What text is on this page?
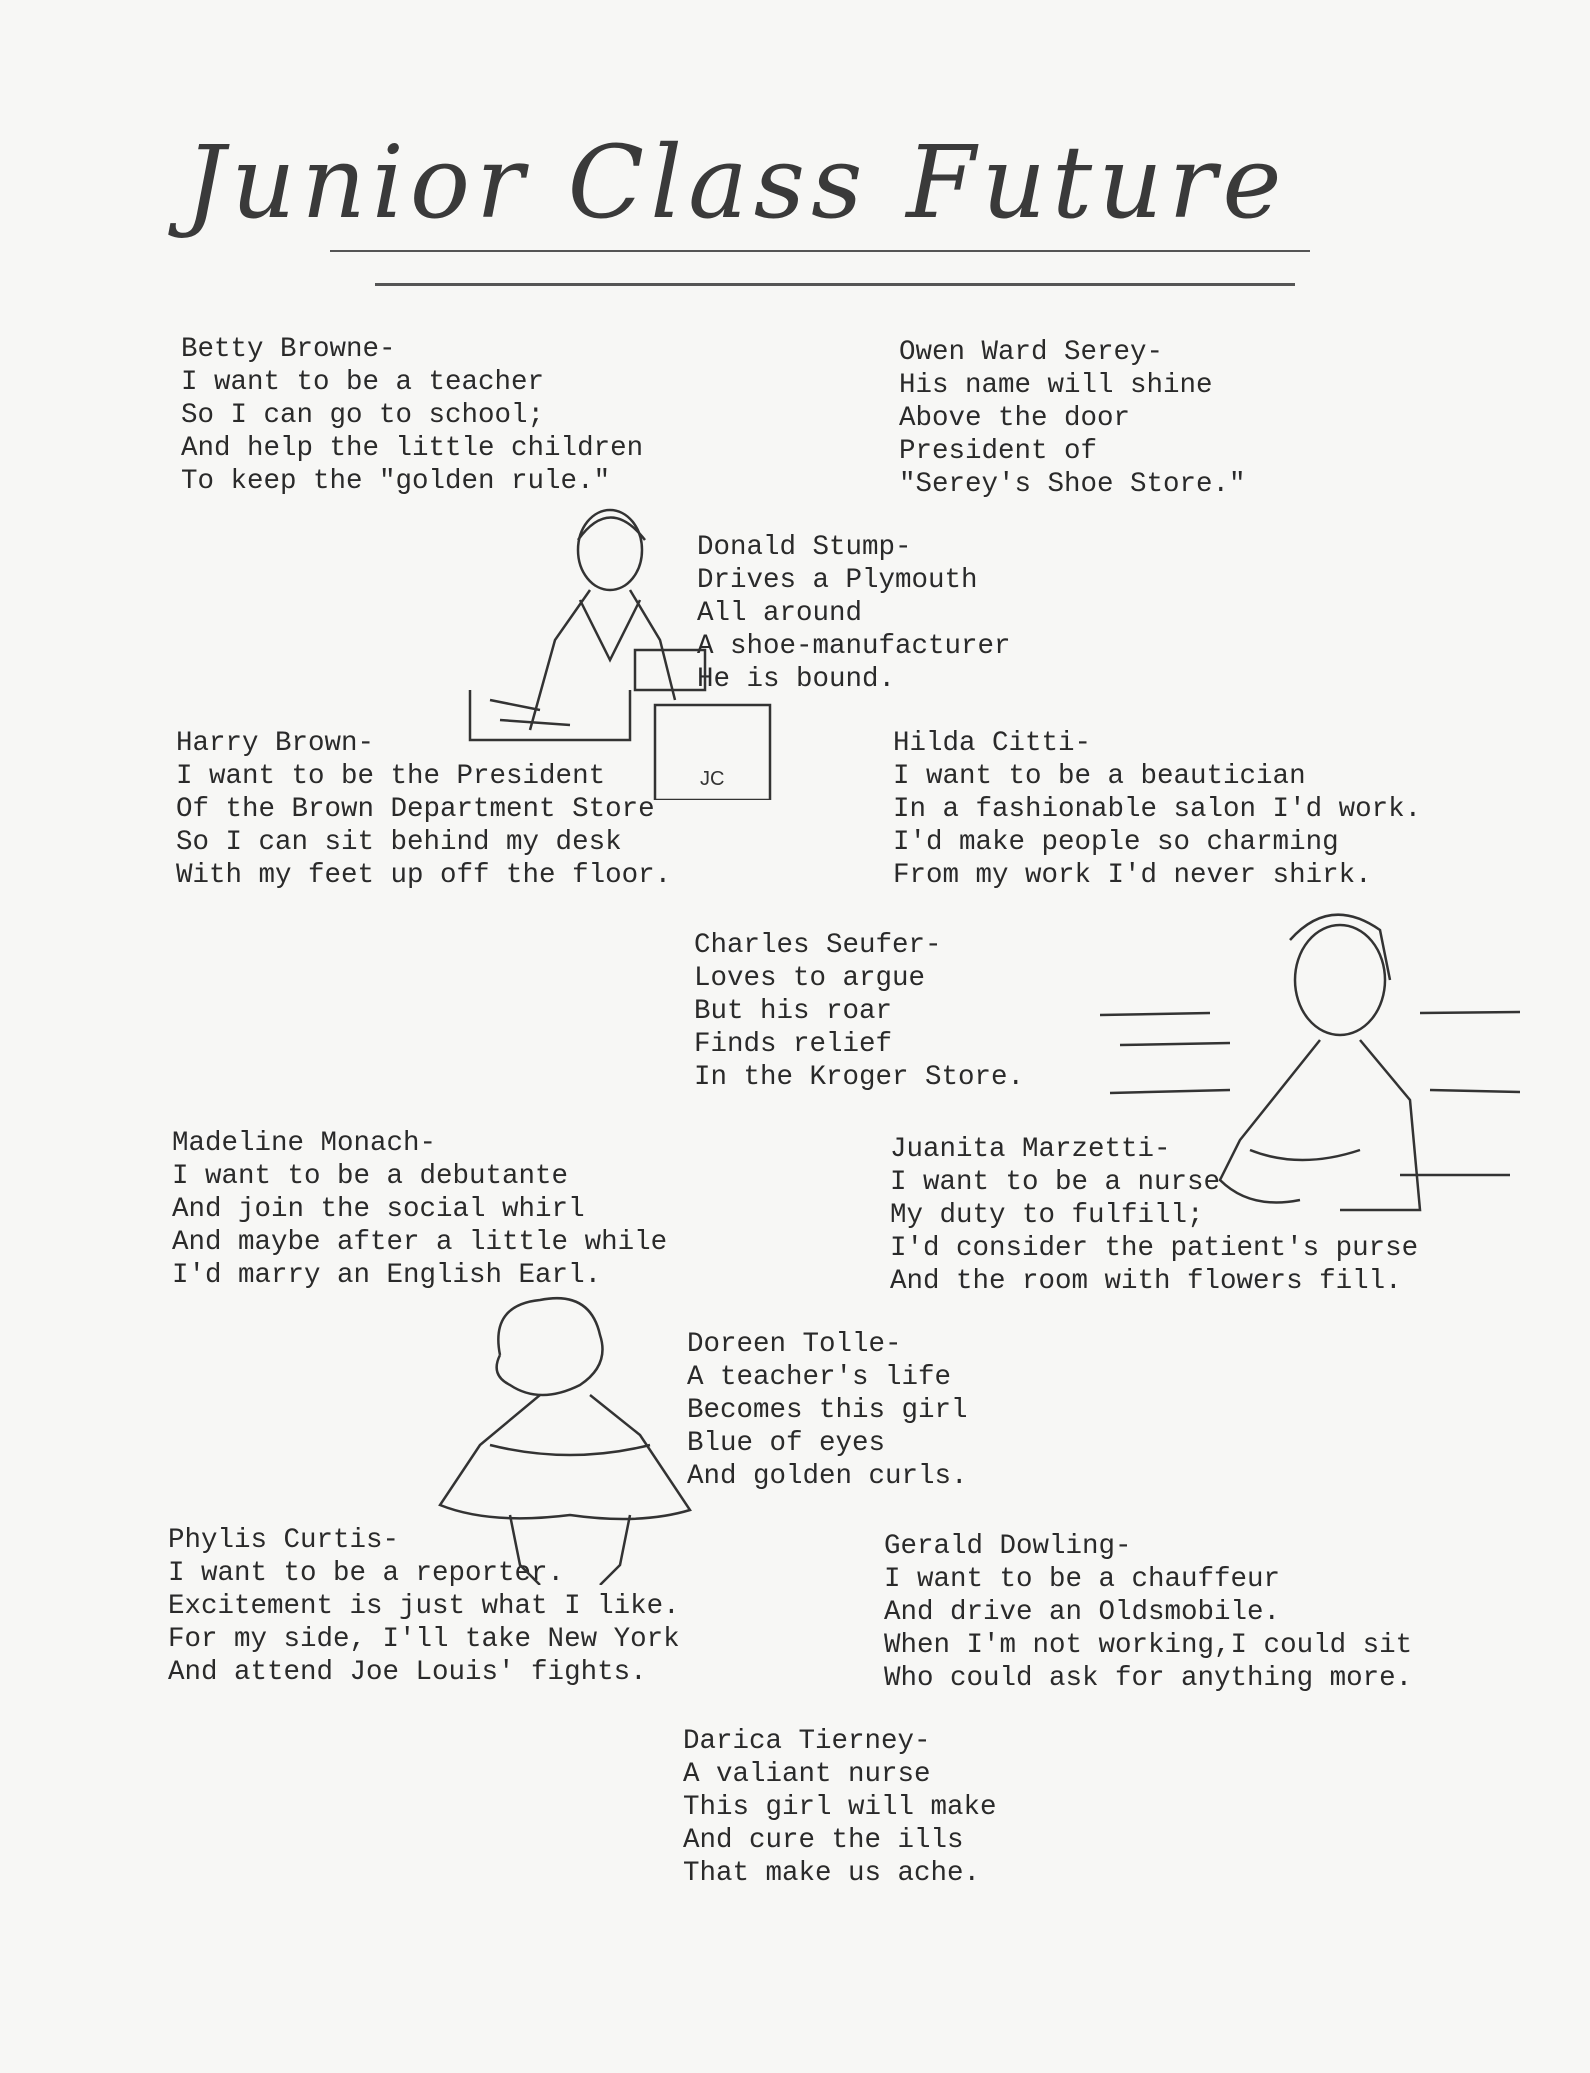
Junior Class Future
Betty Browne-
I want to be a teacher
So I can go to school;
And help the little children
To keep the "golden rule."
Owen Ward Serey-
His name will shine
Above the door
President of
"Serey's Shoe Store."
Donald Stump-
Drives a Plymouth
All around
A shoe-manufacturer
He is bound.
Harry Brown-
I want to be the President
Of the Brown Department Store
So I can sit behind my desk
With my feet up off the floor.
Hilda Citti-
I want to be a beautician
In a fashionable salon I'd work.
I'd make people so charming
From my work I'd never shirk.
Charles Seufer-
Loves to argue
But his roar
Finds relief
In the Kroger Store.
Madeline Monach-
I want to be a debutante
And join the social whirl
And maybe after a little while
I'd marry an English Earl.
Juanita Marzetti-
I want to be a nurse
My duty to fulfill;
I'd consider the patient's purse
And the room with flowers fill.
Doreen Tolle-
A teacher's life
Becomes this girl
Blue of eyes
And golden curls.
Phylis Curtis-
I want to be a reporter.
Excitement is just what I like.
For my side, I'll take New York
And attend Joe Louis' fights.
Gerald Dowling-
I want to be a chauffeur
And drive an Oldsmobile.
When I'm not working,I could sit
Who could ask for anything more.
Darica Tierney-
A valiant nurse
This girl will make
And cure the ills
That make us ache.
JC
